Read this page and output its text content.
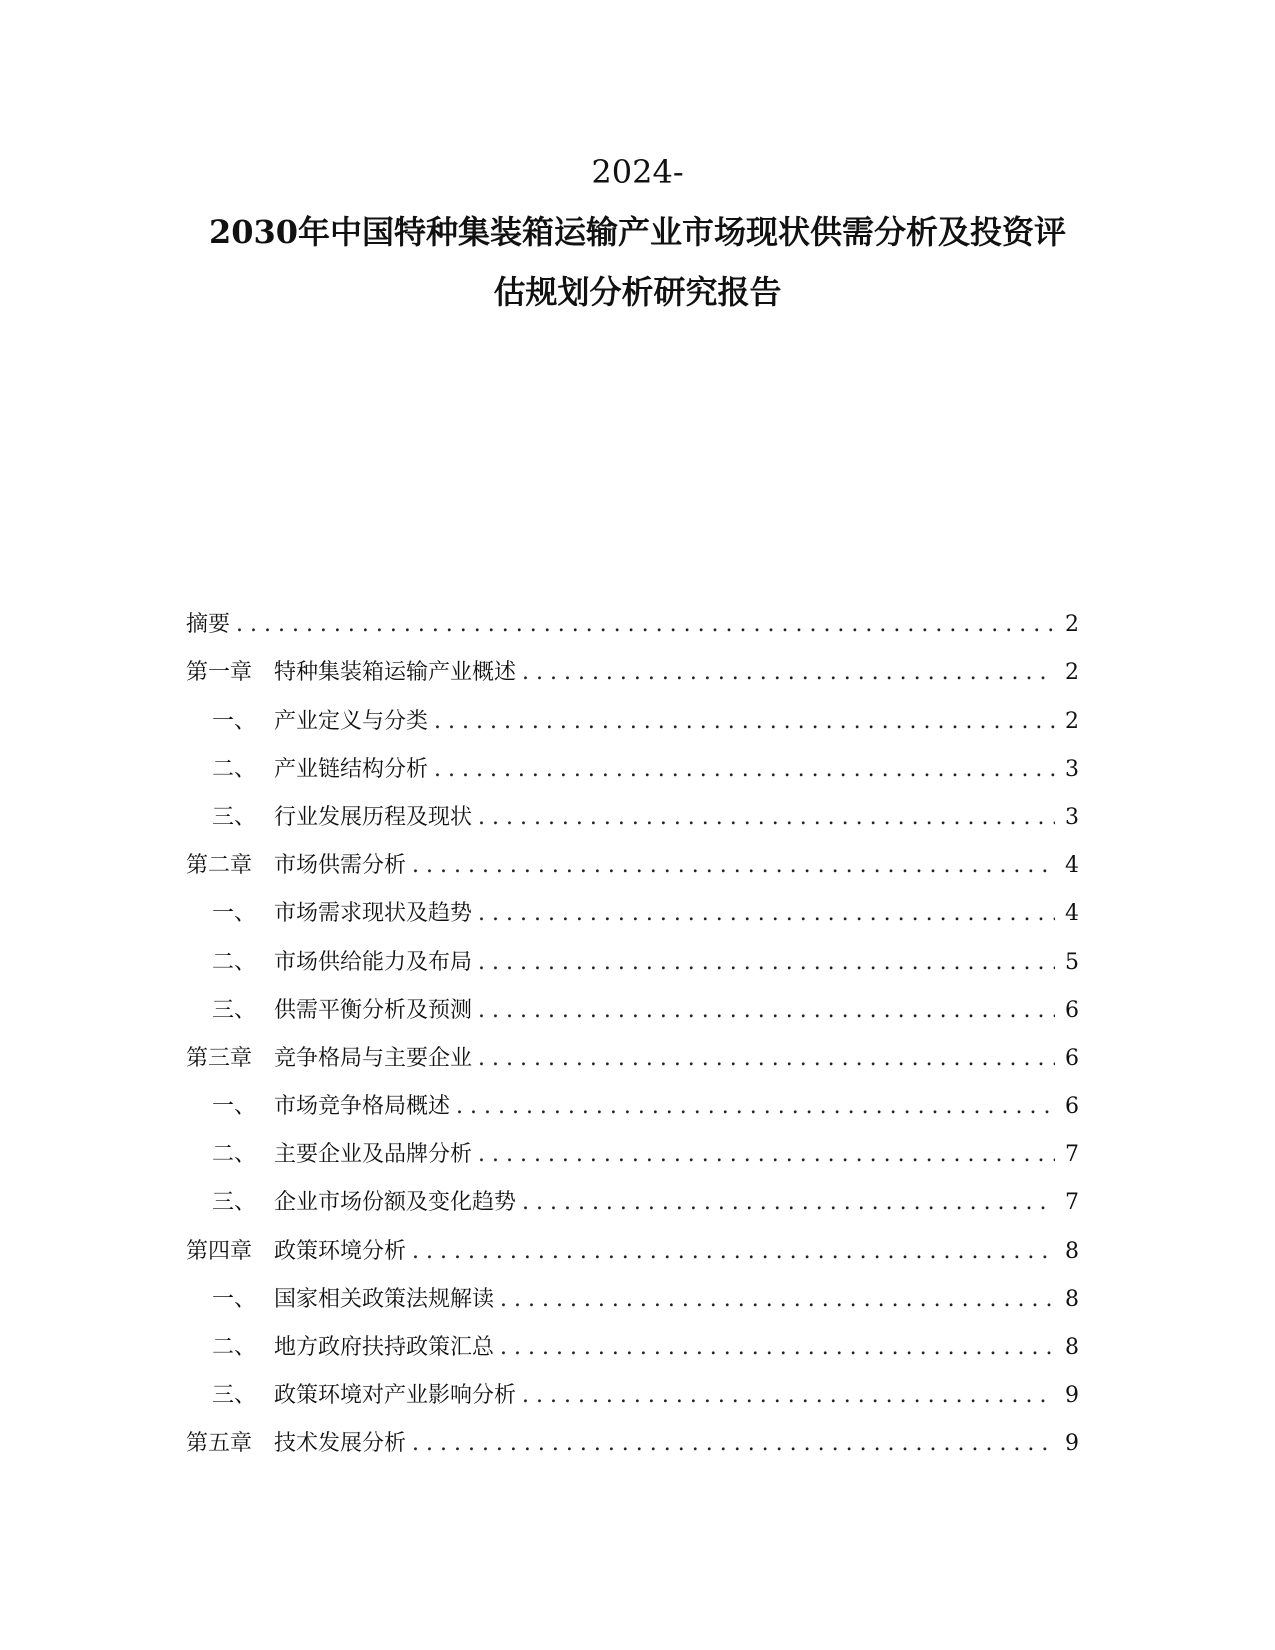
2024-
2030年中国特种集装箱运输产业市场现状供需分析及投资评
估规划分析研究报告
摘要 . . .	2
第一章 特种集装箱运输产业概述 . . .	2
一、 产业定义与分类 . . .	2
二、 产业链结构分析 . . .	3
三、 行业发展历程及现状 . . .	3
第二章 市场供需分析 . . .	4
一、 市场需求现状及趋势 . . .	4
二、 市场供给能力及布局 . . .	5
三、 供需平衡分析及预测 . . .	6
第三章 竞争格局与主要企业 . . .	6
一、 市场竞争格局概述 . . .	6
二、 主要企业及品牌分析 . . .	7
三、 企业市场份额及变化趋势 . . .	7
第四章 政策环境分析 . . .	8
一、 国家相关政策法规解读 . . .	8
二、 地方政府扶持政策汇总 . . .	8
三、 政策环境对产业影响分析 . . .	9
第五章 技术发展分析 . . .	9
